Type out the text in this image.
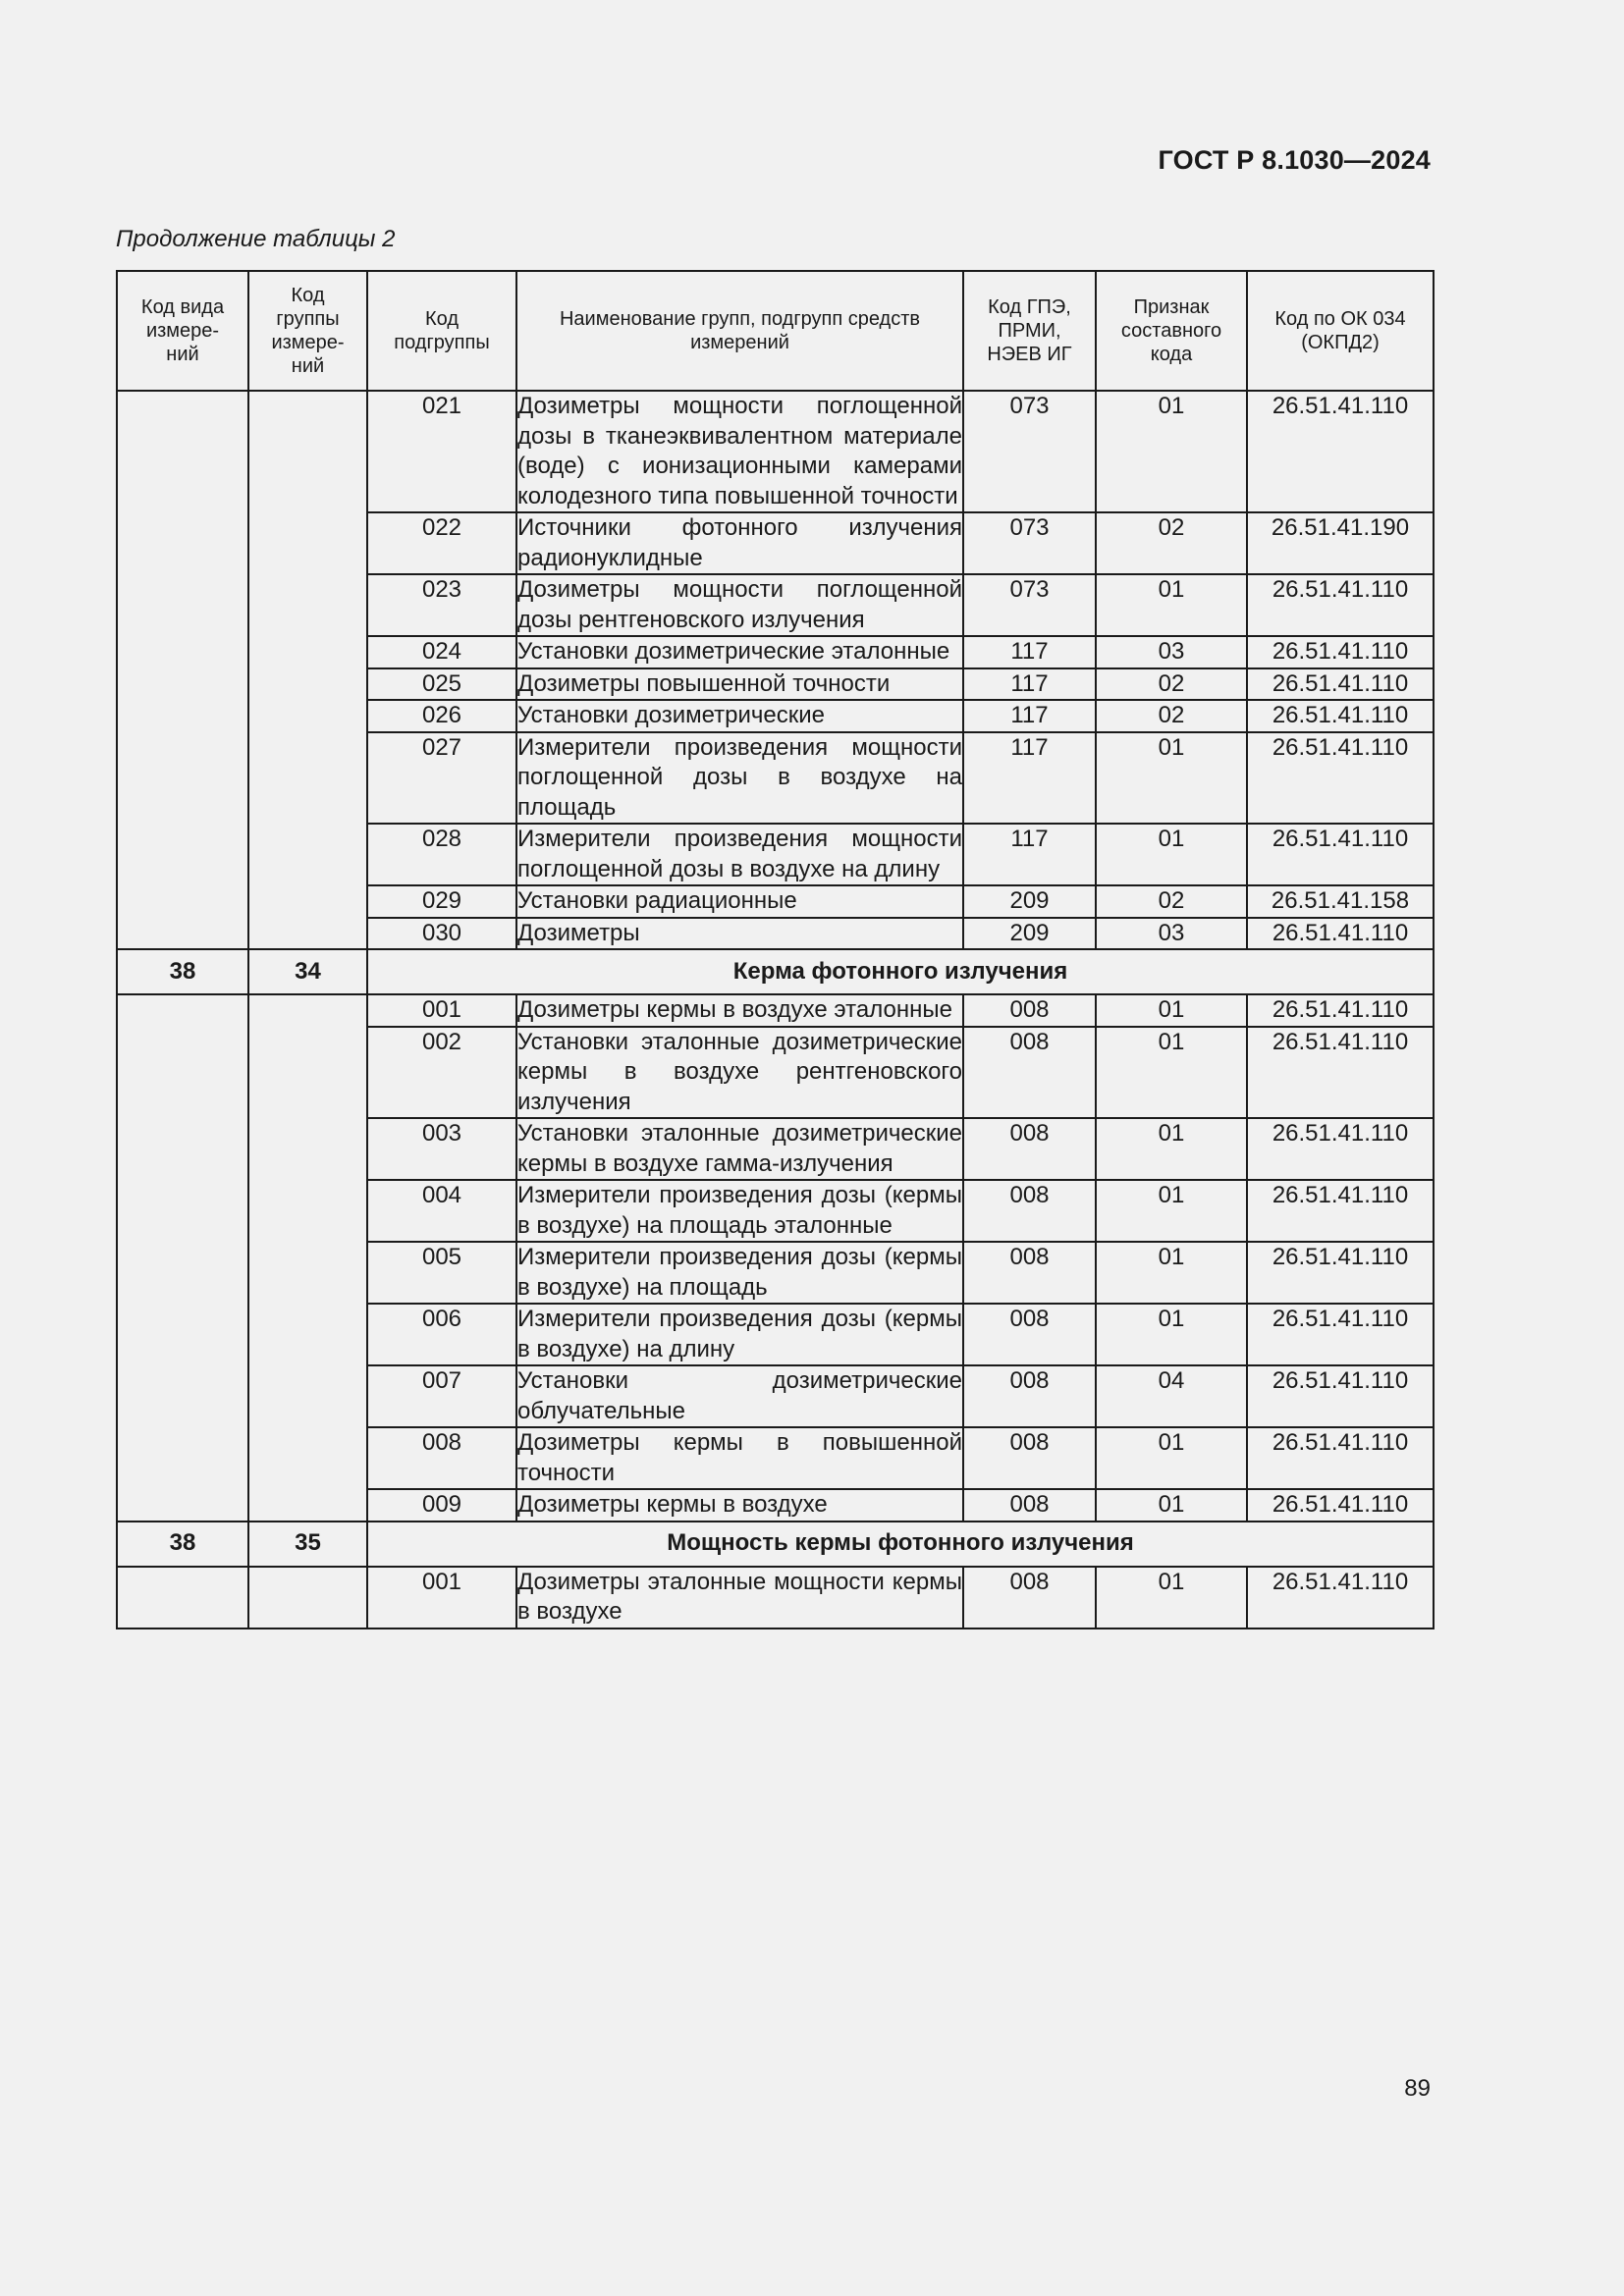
ГОСТ Р 8.1030—2024
Продолжение таблицы 2
Код вида
измере-
ний	Код
группы
измере-
ний	Код
подгруппы	Наименование групп, подгрупп средств
измерений	Код ГПЭ,
ПРМИ,
НЭЕВ ИГ	Признак
составного
кода	Код по ОК 034
(ОКПД2)
		021	Дозиметры мощности поглощенной дозы в тканеэквивалентном материале (воде) с ионизационными камерами колодезного типа повышенной точности	073	01	26.51.41.110
		022	Источники фотонного излучения радионуклидные	073	02	26.51.41.190
		023	Дозиметры мощности поглощенной дозы рентгеновского излучения	073	01	26.51.41.110
		024	Установки дозиметрические эталонные	117	03	26.51.41.110
		025	Дозиметры повышенной точности	117	02	26.51.41.110
		026	Установки дозиметрические	117	02	26.51.41.110
		027	Измерители произведения мощности поглощенной дозы в воздухе на площадь	117	01	26.51.41.110
		028	Измерители произведения мощности поглощенной дозы в воздухе на длину	117	01	26.51.41.110
		029	Установки радиационные	209	02	26.51.41.158
		030	Дозиметры	209	03	26.51.41.110
38	34	Керма фотонного излучения				
		001	Дозиметры кермы в воздухе эталонные	008	01	26.51.41.110
		002	Установки эталонные дозиметрические кермы в воздухе рентгеновского излучения	008	01	26.51.41.110
		003	Установки эталонные дозиметрические кермы в воздухе гамма-излучения	008	01	26.51.41.110
		004	Измерители произведения дозы (кермы в воздухе) на площадь эталонные	008	01	26.51.41.110
		005	Измерители произведения дозы (кермы в воздухе) на площадь	008	01	26.51.41.110
		006	Измерители произведения дозы (кермы в воздухе) на длину	008	01	26.51.41.110
		007	Установки дозиметрические облучательные	008	04	26.51.41.110
		008	Дозиметры кермы в повышенной точности	008	01	26.51.41.110
		009	Дозиметры кермы в воздухе	008	01	26.51.41.110
38	35	Мощность кермы фотонного излучения				
		001	Дозиметры эталонные мощности кермы в воздухе	008	01	26.51.41.110
89
